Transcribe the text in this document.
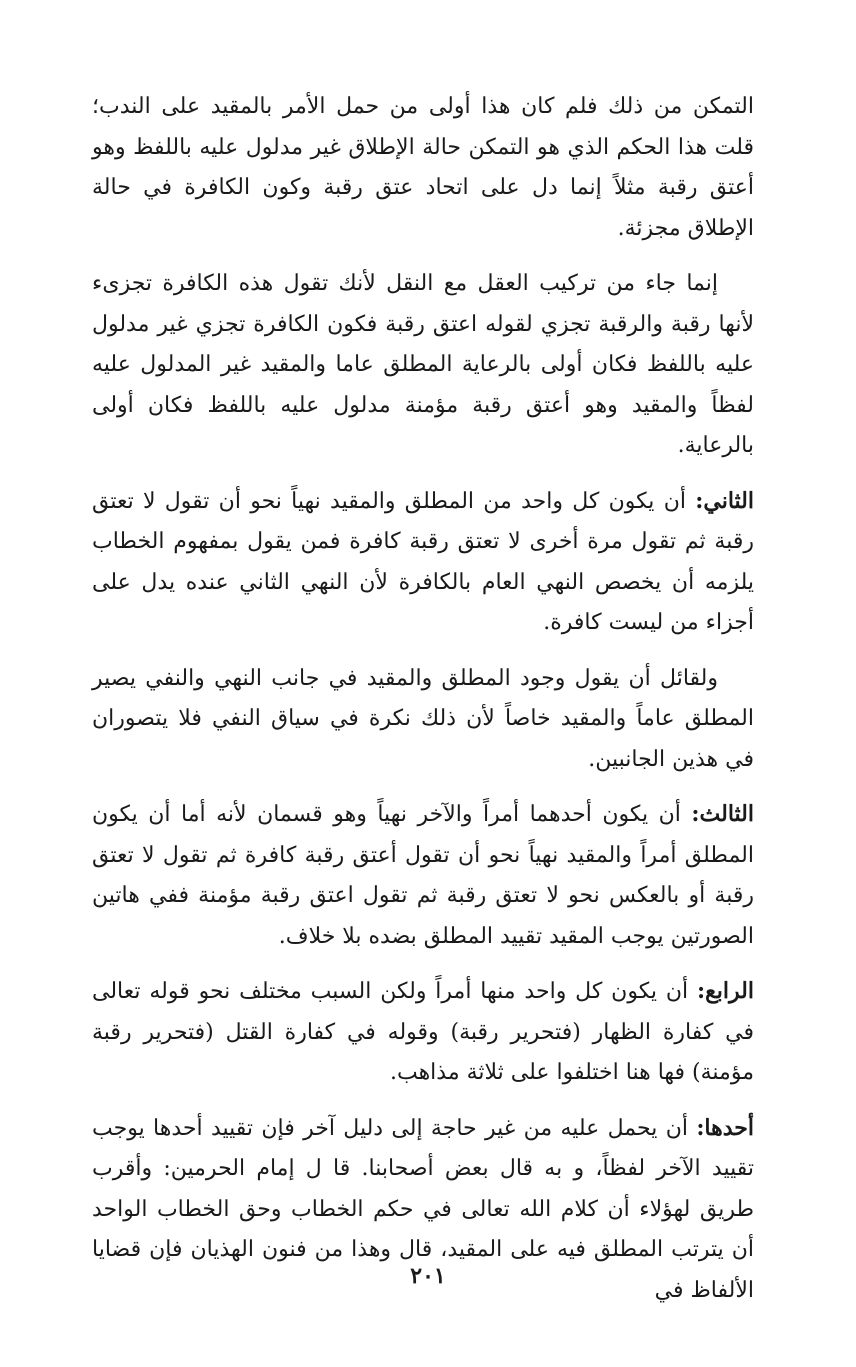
التمكن من ذلك فلم كان هذا أولى من حمل الأمر بالمقيد على الندب؛ قلت هذا الحكم الذي هو التمكن حالة الإطلاق غير مدلول عليه باللفظ وهو أعتق رقبة مثلاً إنما دل على اتحاد عتق رقبة وكون الكافرة في حالة الإطلاق مجزئة.

إنما جاء من تركيب العقل مع النقل لأنك تقول هذه الكافرة تجزىء لأنها رقبة والرقبة تجزي لقوله اعتق رقبة فكون الكافرة تجزي غير مدلول عليه باللفظ فكان أولى بالرعاية المطلق عاما والمقيد غير المدلول عليه لفظاً والمقيد وهو أعتق رقبة مؤمنة مدلول عليه باللفظ فكان أولى بالرعاية.

الثاني: أن يكون كل واحد من المطلق والمقيد نهياً نحو أن تقول لا تعتق رقبة ثم تقول مرة أخرى لا تعتق رقبة كافرة فمن يقول بمفهوم الخطاب يلزمه أن يخصص النهي العام بالكافرة لأن النهي الثاني عنده يدل على أجزاء من ليست كافرة.

ولقائل أن يقول وجود المطلق والمقيد في جانب النهي والنفي يصير المطلق عاماً والمقيد خاصاً لأن ذلك نكرة في سياق النفي فلا يتصوران في هذين الجانبين.

الثالث: أن يكون أحدهما أمراً والآخر نهياً وهو قسمان لأنه أما أن يكون المطلق أمراً والمقيد نهياً نحو أن تقول أعتق رقبة كافرة ثم تقول لا تعتق رقبة أو بالعكس نحو لا تعتق رقبة ثم تقول اعتق رقبة مؤمنة ففي هاتين الصورتين يوجب المقيد تقييد المطلق بضده بلا خلاف.

الرابع: أن يكون كل واحد منها أمراً ولكن السبب مختلف نحو قوله تعالى في كفارة الظهار (فتحرير رقبة) وقوله في كفارة القتل (فتحرير رقبة مؤمنة) فها هنا اختلفوا على ثلاثة مذاهب.

أحدها: أن يحمل عليه من غير حاجة إلى دليل آخر فإن تقييد أحدها يوجب تقييد الآخر لفظاً، و به قال بعض أصحابنا. قا ل إمام الحرمين: وأقرب طريق لهؤلاء أن كلام الله تعالى في حكم الخطاب وحق الخطاب الواحد أن يترتب المطلق فيه على المقيد، قال وهذا من فنون الهذيان فإن قضايا الألفاظ في

٢٠١
